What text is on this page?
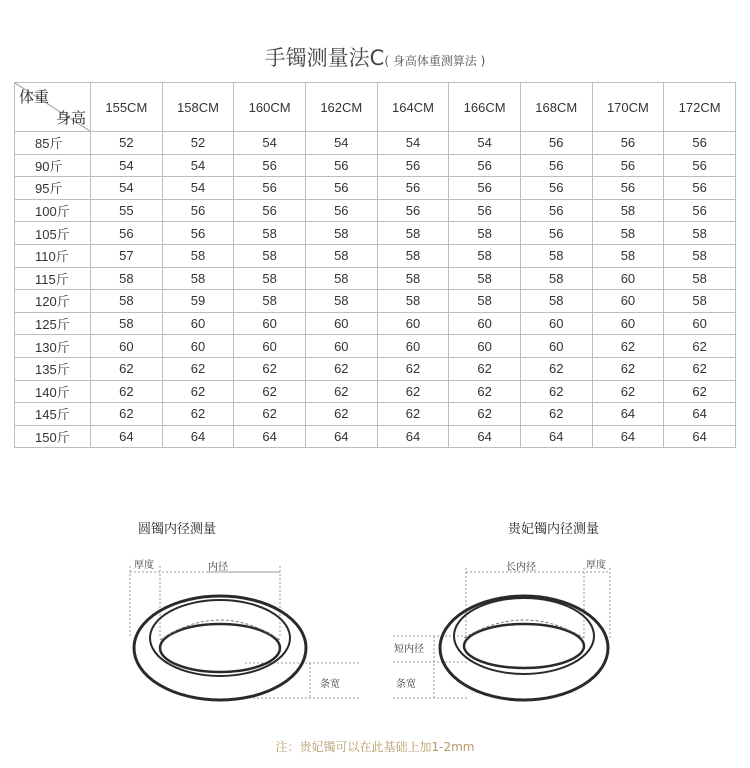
手镯测量法C( 身高体重测算法 )
体重
身高	155CM	158CM	160CM	162CM	164CM	166CM	168CM	170CM	172CM
85斤	52	52	54	54	54	54	56	56	56
90斤	54	54	56	56	56	56	56	56	56
95斤	54	54	56	56	56	56	56	56	56
100斤	55	56	56	56	56	56	56	58	56
105斤	56	56	58	58	58	58	56	58	58
110斤	57	58	58	58	58	58	58	58	58
115斤	58	58	58	58	58	58	58	60	58
120斤	58	59	58	58	58	58	58	60	58
125斤	58	60	60	60	60	60	60	60	60
130斤	60	60	60	60	60	60	60	62	62
135斤	62	62	62	62	62	62	62	62	62
140斤	62	62	62	62	62	62	62	62	62
145斤	62	62	62	62	62	62	62	64	64
150斤	64	64	64	64	64	64	64	64	64
圆镯内径测量
厚度	内径
条宽
贵妃镯内径测量
长内径	厚度
短内径
条宽
注：贵妃镯可以在此基础上加1-2mm
